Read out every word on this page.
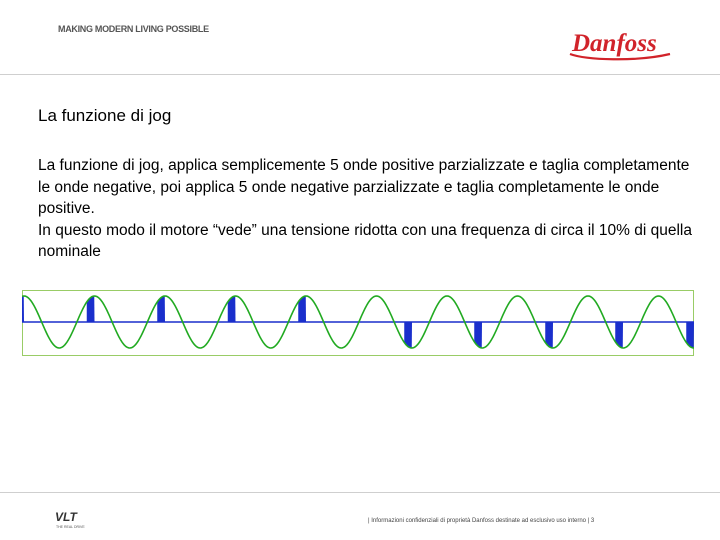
MAKING MODERN LIVING POSSIBLE
Danfoss
La funzione di jog

La funzione di jog, applica semplicemente 5 onde positive parzializzate e taglia completamente le onde negative, poi applica 5 onde negative parzializzate e taglia completamente le onde positive.

In questo modo il motore “vede” una tensione ridotta con una frequenza di circa il 10% di quella nominale

VLT
THE REAL DRIVE
| Informazioni confidenziali di proprietà Danfoss destinate ad esclusivo uso interno | 3
